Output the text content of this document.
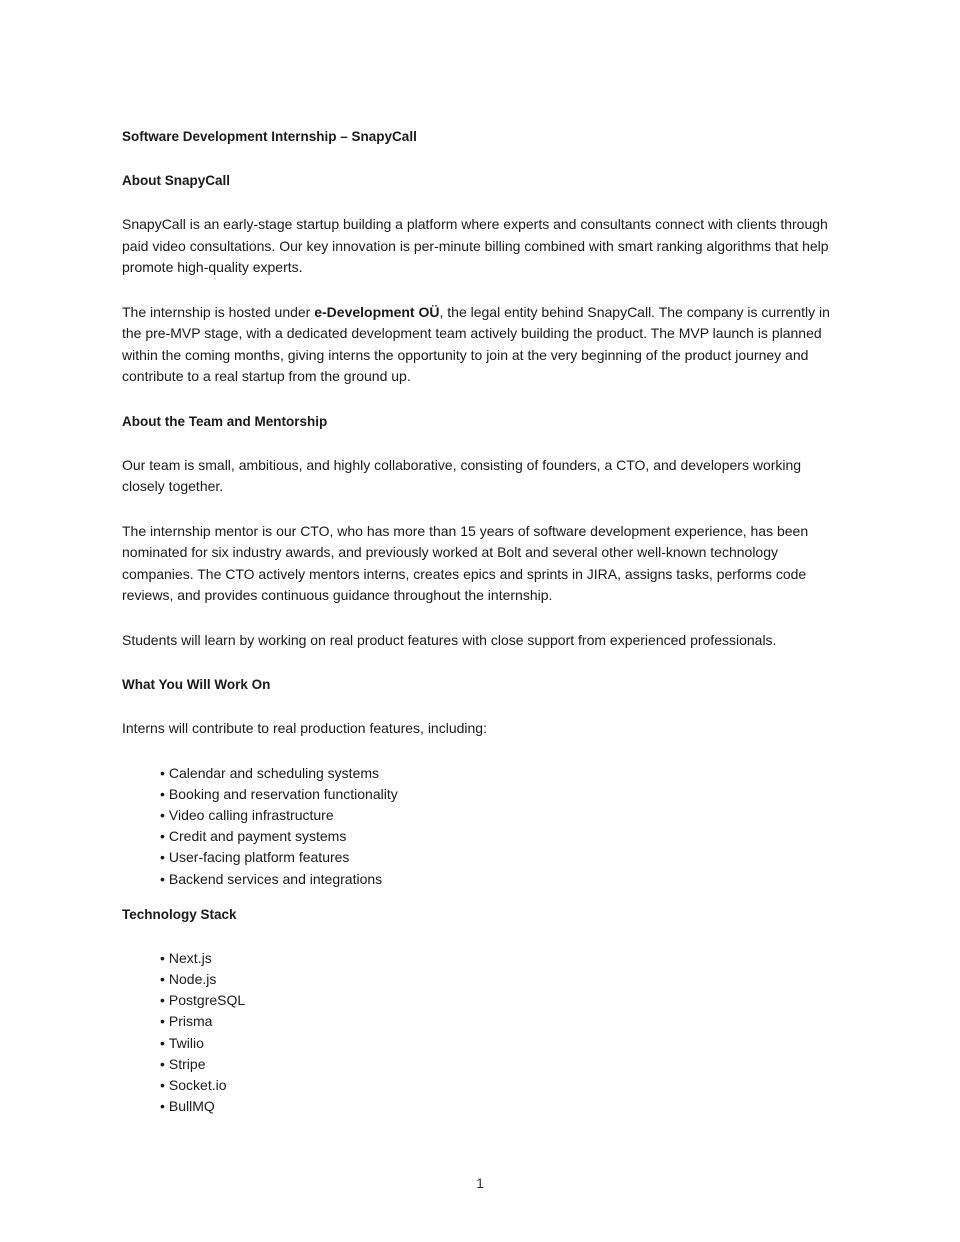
Software Development Internship – SnapyCall

About SnapyCall

SnapyCall is an early-stage startup building a platform where experts and consultants connect with clients through paid video consultations. Our key innovation is per-minute billing combined with smart ranking algorithms that help promote high-quality experts.

The internship is hosted under e-Development OÜ, the legal entity behind SnapyCall. The company is currently in the pre-MVP stage, with a dedicated development team actively building the product. The MVP launch is planned within the coming months, giving interns the opportunity to join at the very beginning of the product journey and contribute to a real startup from the ground up.

About the Team and Mentorship

Our team is small, ambitious, and highly collaborative, consisting of founders, a CTO, and developers working closely together.

The internship mentor is our CTO, who has more than 15 years of software development experience, has been nominated for six industry awards, and previously worked at Bolt and several other well-known technology companies. The CTO actively mentors interns, creates epics and sprints in JIRA, assigns tasks, performs code reviews, and provides continuous guidance throughout the internship.

Students will learn by working on real product features with close support from experienced professionals.

What You Will Work On

Interns will contribute to real production features, including:

• Calendar and scheduling systems
• Booking and reservation functionality
• Video calling infrastructure
• Credit and payment systems
• User-facing platform features
• Backend services and integrations

Technology Stack

• Next.js
• Node.js
• PostgreSQL
• Prisma
• Twilio
• Stripe
• Socket.io
• BullMQ
1
